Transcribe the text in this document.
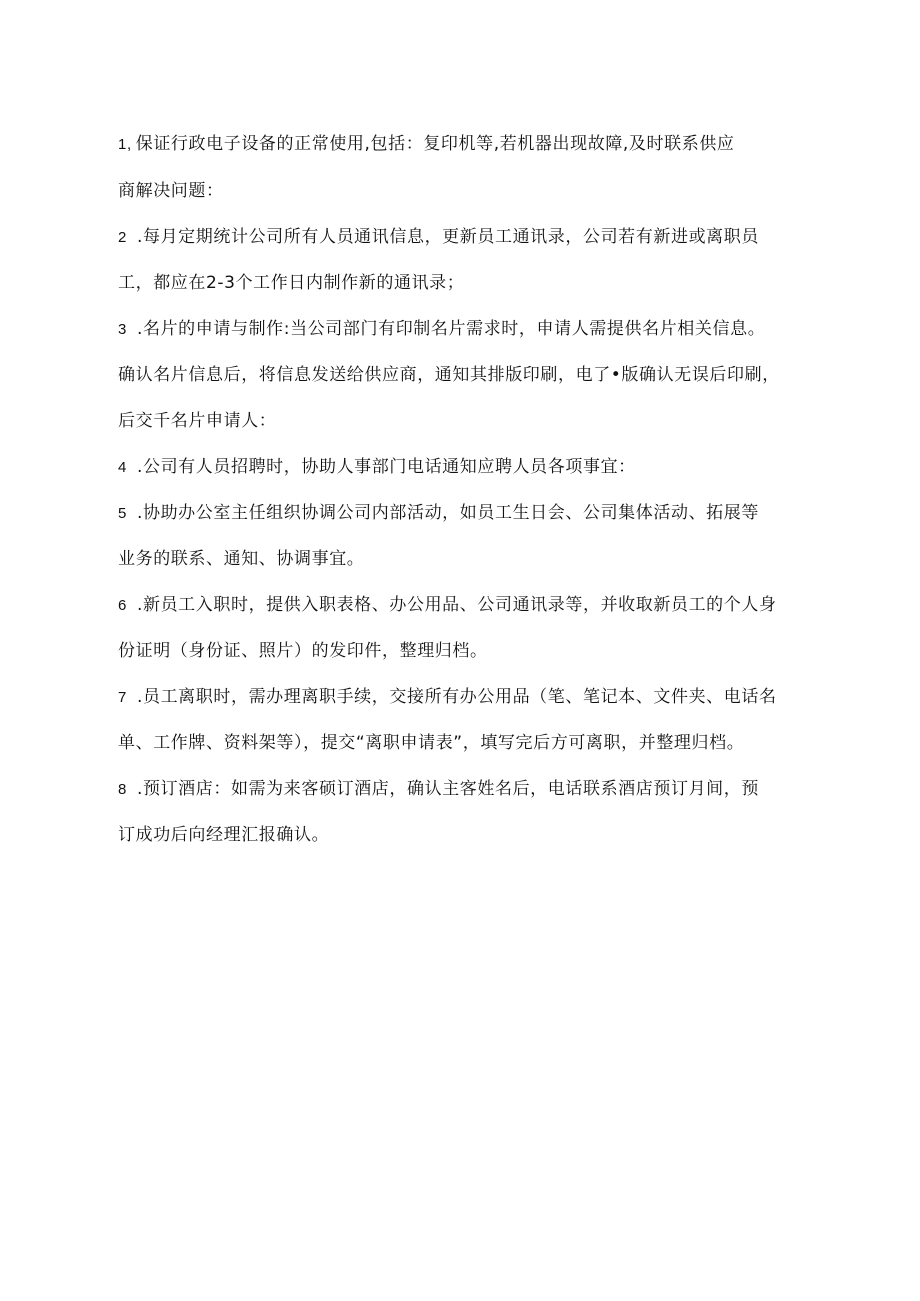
1, 保证行政电子设备的正常使用,包括：复印机等,若机器出现故障,及时联系供应
商解决问题：
2 .每月定期统计公司所有人员通讯信息，更新员工通讯录，公司若有新进或离职员
工，都应在2-3个工作日内制作新的通讯录；
3 .名片的申请与制作:当公司部门有印制名片需求时，申请人需提供名片相关信息。
确认名片信息后，将信息发送给供应商，通知其排版印刷，电了•版确认无误后印刷，
后交千名片申请人：
4 .公司有人员招聘时，协助人事部门电话通知应聘人员各项事宜：
5 .协助办公室主任组织协调公司内部活动，如员工生日会、公司集体活动、拓展等
业务的联系、通知、协调事宜。
6 .新员工入职时，提供入职表格、办公用品、公司通讯录等，并收取新员工的个人身
份证明（身份证、照片）的发印件，整理归档。
7 .员工离职时，需办理离职手续，交接所有办公用品（笔、笔记本、文件夹、电话名
单、工作牌、资料架等），提交“离职申请表”，填写完后方可离职，并整理归档。
8 .预订酒店：如需为来客硕订酒店，确认主客姓名后，电话联系酒店预订月间，预
订成功后向经理汇报确认。
